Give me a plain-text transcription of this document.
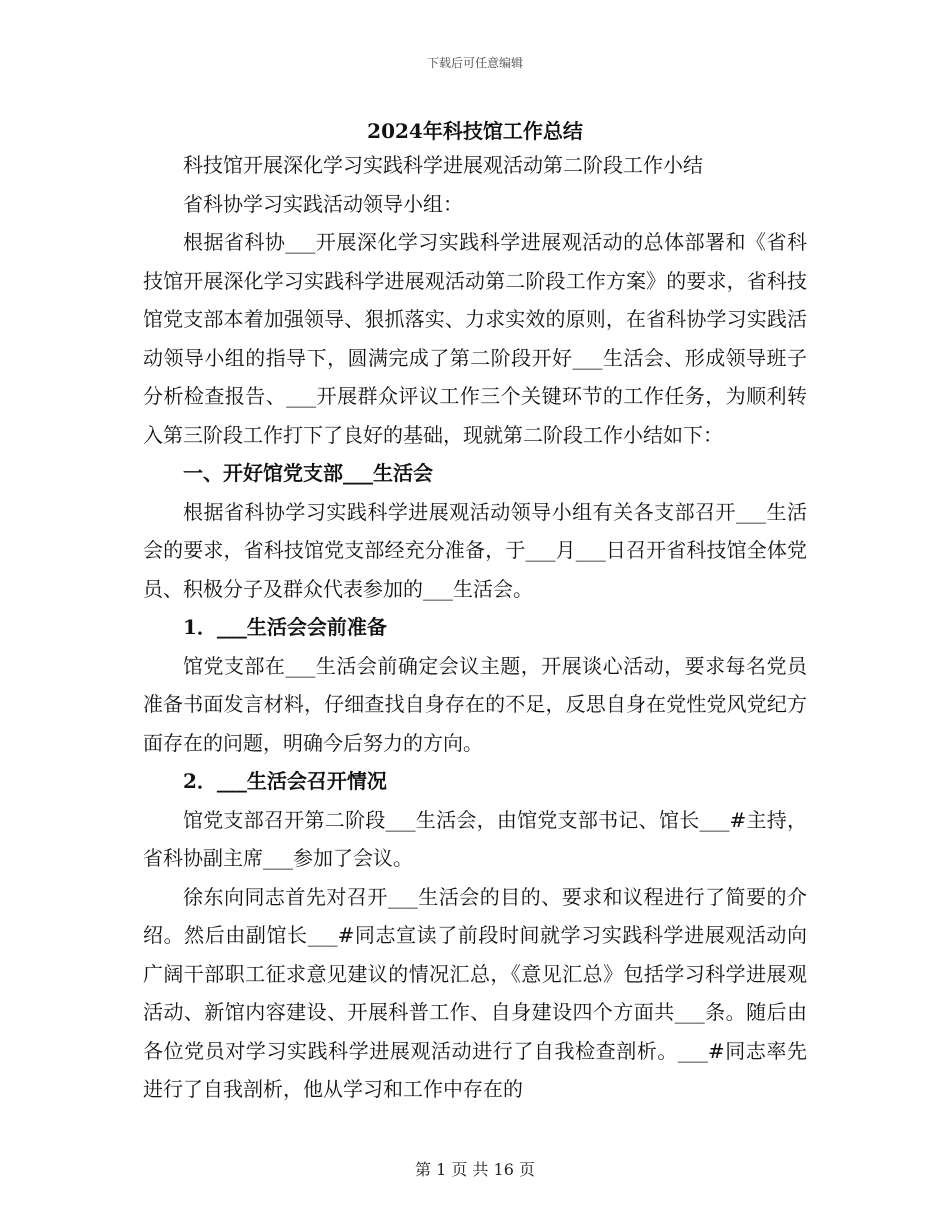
下载后可任意编辑
2024年科技馆工作总结

科技馆开展深化学习实践科学进展观活动第二阶段工作小结

省科协学习实践活动领导小组：

根据省科协___开展深化学习实践科学进展观活动的总体部署和《省科技馆开展深化学习实践科学进展观活动第二阶段工作方案》的要求，省科技馆党支部本着加强领导、狠抓落实、力求实效的原则，在省科协学习实践活动领导小组的指导下，圆满完成了第二阶段开好___生活会、形成领导班子分析检查报告、___开展群众评议工作三个关键环节的工作任务，为顺利转入第三阶段工作打下了良好的基础，现就第二阶段工作小结如下：

一、开好馆党支部___生活会

根据省科协学习实践科学进展观活动领导小组有关各支部召开___生活会的要求，省科技馆党支部经充分准备，于___月___日召开省科技馆全体党员、积极分子及群众代表参加的___生活会。

1．___生活会会前准备

馆党支部在___生活会前确定会议主题，开展谈心活动，要求每名党员准备书面发言材料，仔细查找自身存在的不足，反思自身在党性党风党纪方面存在的问题，明确今后努力的方向。

2．___生活会召开情况

馆党支部召开第二阶段___生活会，由馆党支部书记、馆长___#主持，省科协副主席___参加了会议。

徐东向同志首先对召开___生活会的目的、要求和议程进行了简要的介绍。然后由副馆长___#同志宣读了前段时间就学习实践科学进展观活动向广阔干部职工征求意见建议的情况汇总，《意见汇总》包括学习科学进展观活动、新馆内容建设、开展科普工作、自身建设四个方面共___条。随后由各位党员对学习实践科学进展观活动进行了自我检查剖析。___#同志率先进行了自我剖析，他从学习和工作中存在的

第 1 页 共 16 页
